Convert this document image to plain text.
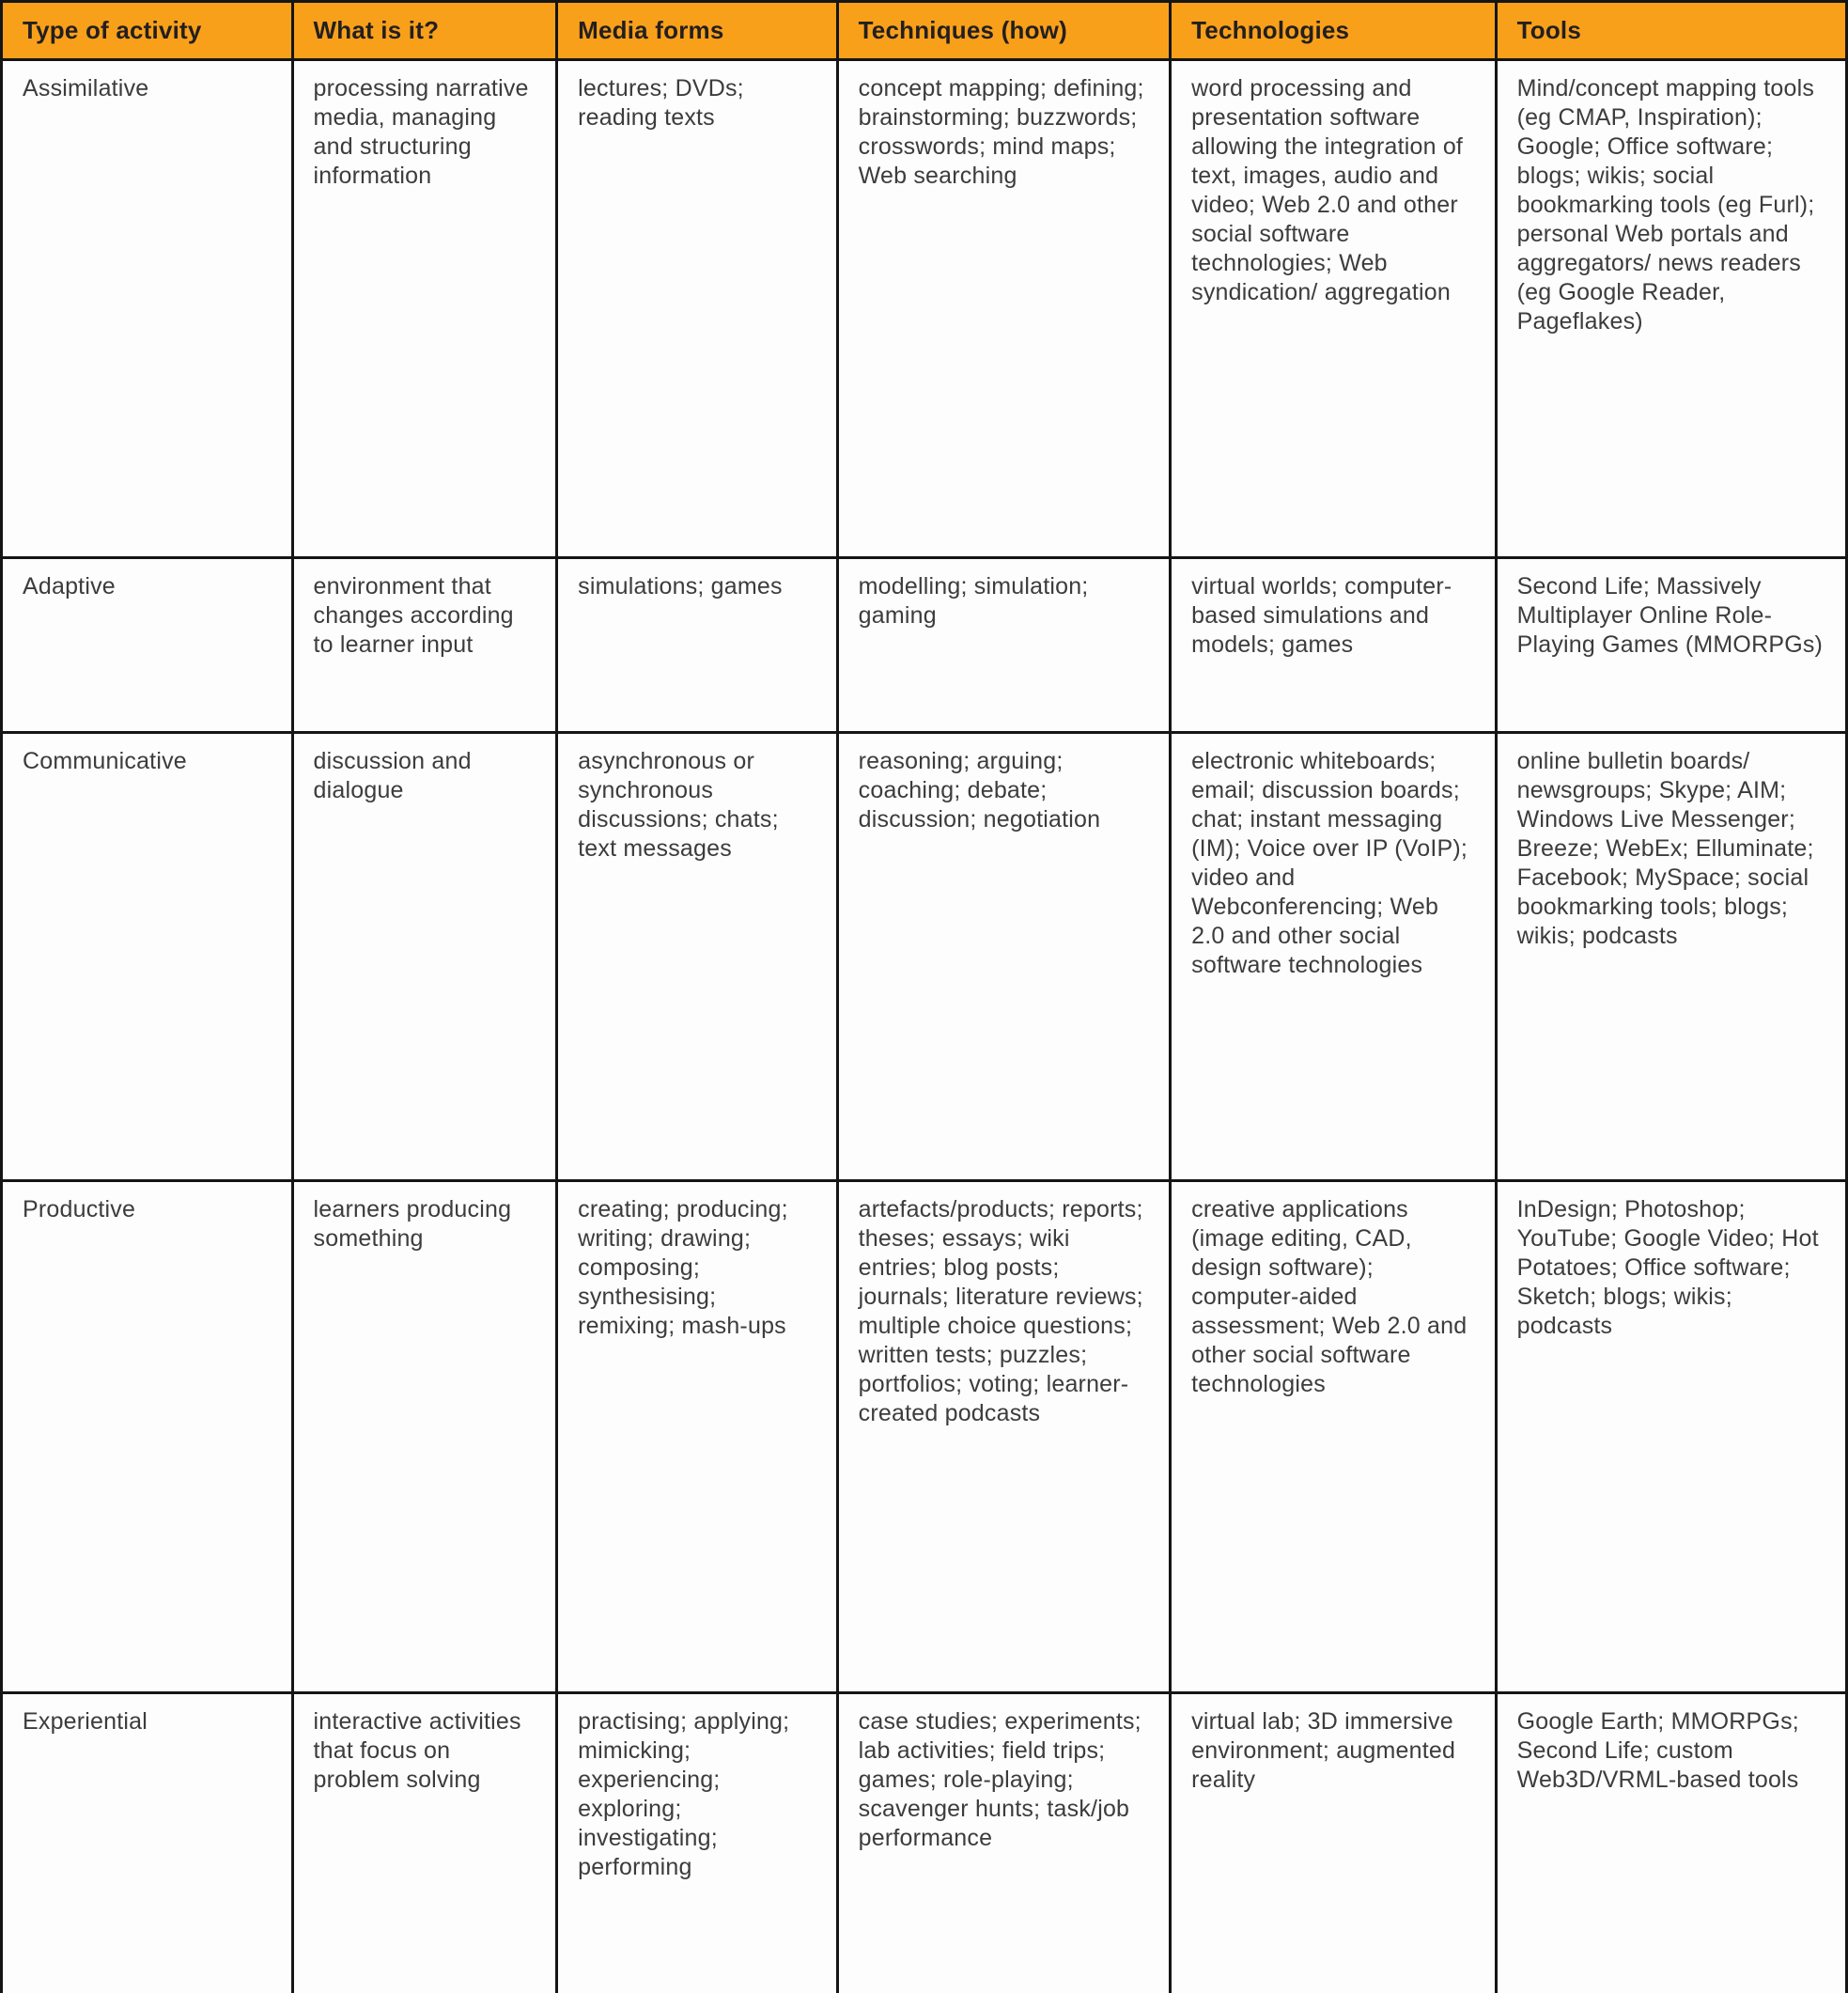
Type of activity	What is it?	Media forms	Techniques (how)	Technologies	Tools
Assimilative	processing narrative media, managing and structuring information	lectures; DVDs; reading texts	concept mapping; defining; brainstorming; buzzwords; crosswords; mind maps; Web searching	word processing and presentation software allowing the integration of text, images, audio and video; Web 2.0 and other social software technologies; Web syndication/ aggregation	Mind/concept mapping tools (eg CMAP, Inspiration); Google; Office software; blogs; wikis; social bookmarking tools (eg Furl); personal Web portals and aggregators/ news readers (eg Google Reader, Pageflakes)
Adaptive	environment that changes according to learner input	simulations; games	modelling; simulation; gaming	virtual worlds; computer-based simulations and models; games	Second Life; Massively Multiplayer Online Role-Playing Games (MMORPGs)
Communicative	discussion and dialogue	asynchronous or synchronous discussions; chats; text messages	reasoning; arguing; coaching; debate; discussion; negotiation	electronic whiteboards; email; discussion boards; chat; instant messaging (IM); Voice over IP (VoIP); video and Webconferencing; Web 2.0 and other social software technologies	online bulletin boards/ newsgroups; Skype; AIM; Windows Live Messenger; Breeze; WebEx; Elluminate; Facebook; MySpace; social bookmarking tools; blogs; wikis; podcasts
Productive	learners producing something	creating; producing; writing; drawing; composing; synthesising; remixing; mash-ups	artefacts/products; reports; theses; essays; wiki entries; blog posts; journals; literature reviews; multiple choice questions; written tests; puzzles; portfolios; voting; learner-created podcasts	creative applications (image editing, CAD, design software); computer-aided assessment; Web 2.0 and other social software technologies	InDesign; Photoshop; YouTube; Google Video; Hot Potatoes; Office software; Sketch; blogs; wikis; podcasts
Experiential	interactive activities that focus on problem solving	practising; applying; mimicking; experiencing; exploring; investigating; performing	case studies; experiments; lab activities; field trips; games; role-playing; scavenger hunts; task/job performance	virtual lab; 3D immersive environment; augmented reality	Google Earth; MMORPGs; Second Life; custom Web3D/VRML-based tools
